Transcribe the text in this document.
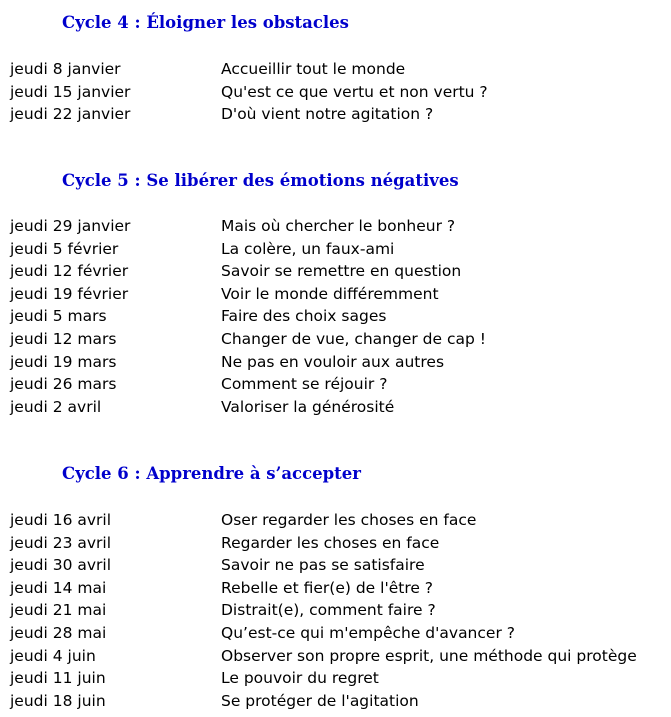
Cycle 4 : Éloigner les obstacles
jeudi 8 janvier	Accueillir tout le monde
jeudi 15 janvier	Qu'est ce que vertu et non vertu ?
jeudi 22 janvier	D'où vient notre agitation ?
Cycle 5 : Se libérer des émotions négatives
jeudi 29 janvier	Mais où chercher le bonheur ?
jeudi 5 février	La colère, un faux-ami
jeudi 12 février	Savoir se remettre en question
jeudi 19 février	Voir le monde différemment
jeudi 5 mars	Faire des choix sages
jeudi 12 mars	Changer de vue, changer de cap !
jeudi 19 mars	Ne pas en vouloir aux autres
jeudi 26 mars	Comment se réjouir ?
jeudi 2 avril	Valoriser la générosité
Cycle 6 : Apprendre à s’accepter
jeudi 16 avril	Oser regarder les choses en face
jeudi 23 avril	Regarder les choses en face
jeudi 30 avril	Savoir ne pas se satisfaire
jeudi 14 mai	Rebelle et fier(e) de l'être ?
jeudi 21 mai	Distrait(e), comment faire ?
jeudi 28 mai	Qu’est-ce qui m'empêche d'avancer ?
jeudi 4 juin	Observer son propre esprit, une méthode qui protège
jeudi 11 juin	Le pouvoir du regret
jeudi 18 juin	Se protéger de l'agitation
